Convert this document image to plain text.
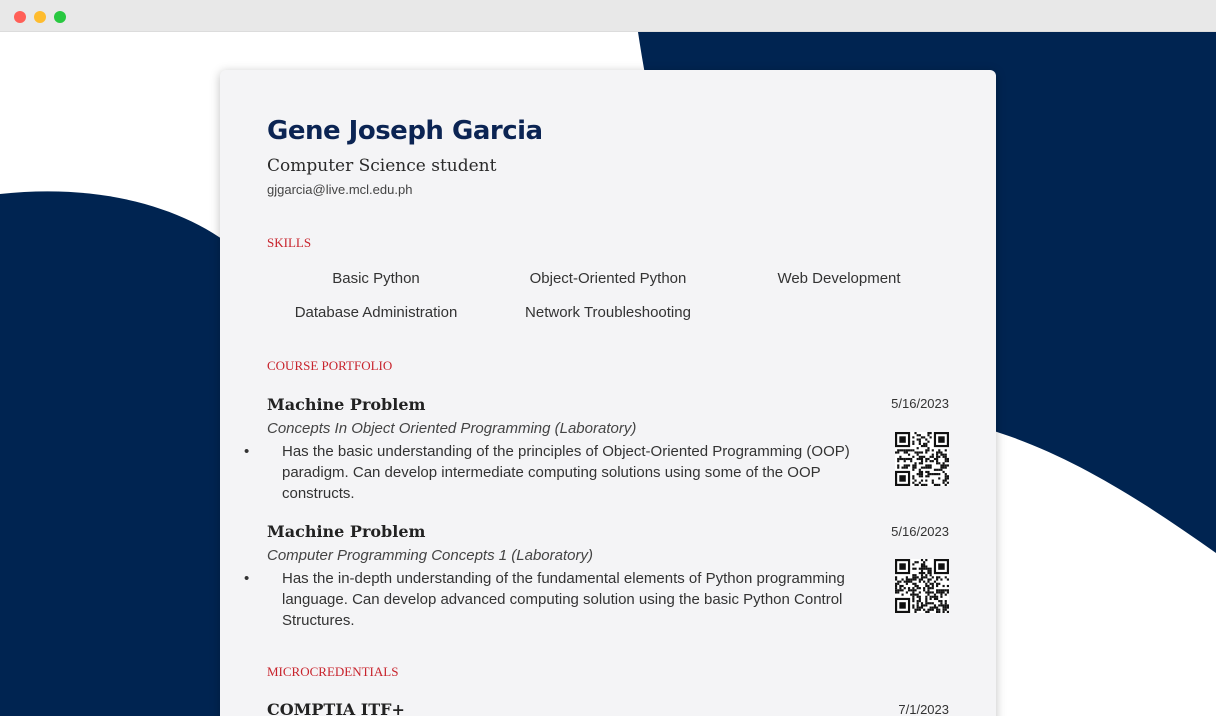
Gene Joseph Garcia
Computer Science student
gjgarcia@live.mcl.edu.ph
SKILLS
Basic Python	Object-Oriented Python	Web Development
Database Administration	Network Troubleshooting
COURSE PORTFOLIO
Machine Problem	5/16/2023
Concepts In Object Oriented Programming (Laboratory)
• Has the basic understanding of the principles of Object-Oriented Programming (OOP) paradigm. Can develop intermediate computing solutions using some of the OOP constructs.
Machine Problem	5/16/2023
Computer Programming Concepts 1 (Laboratory)
• Has the in-depth understanding of the fundamental elements of Python programming language. Can develop advanced computing solution using the basic Python Control Structures.
MICROCREDENTIALS
COMPTIA ITF+	7/1/2023
